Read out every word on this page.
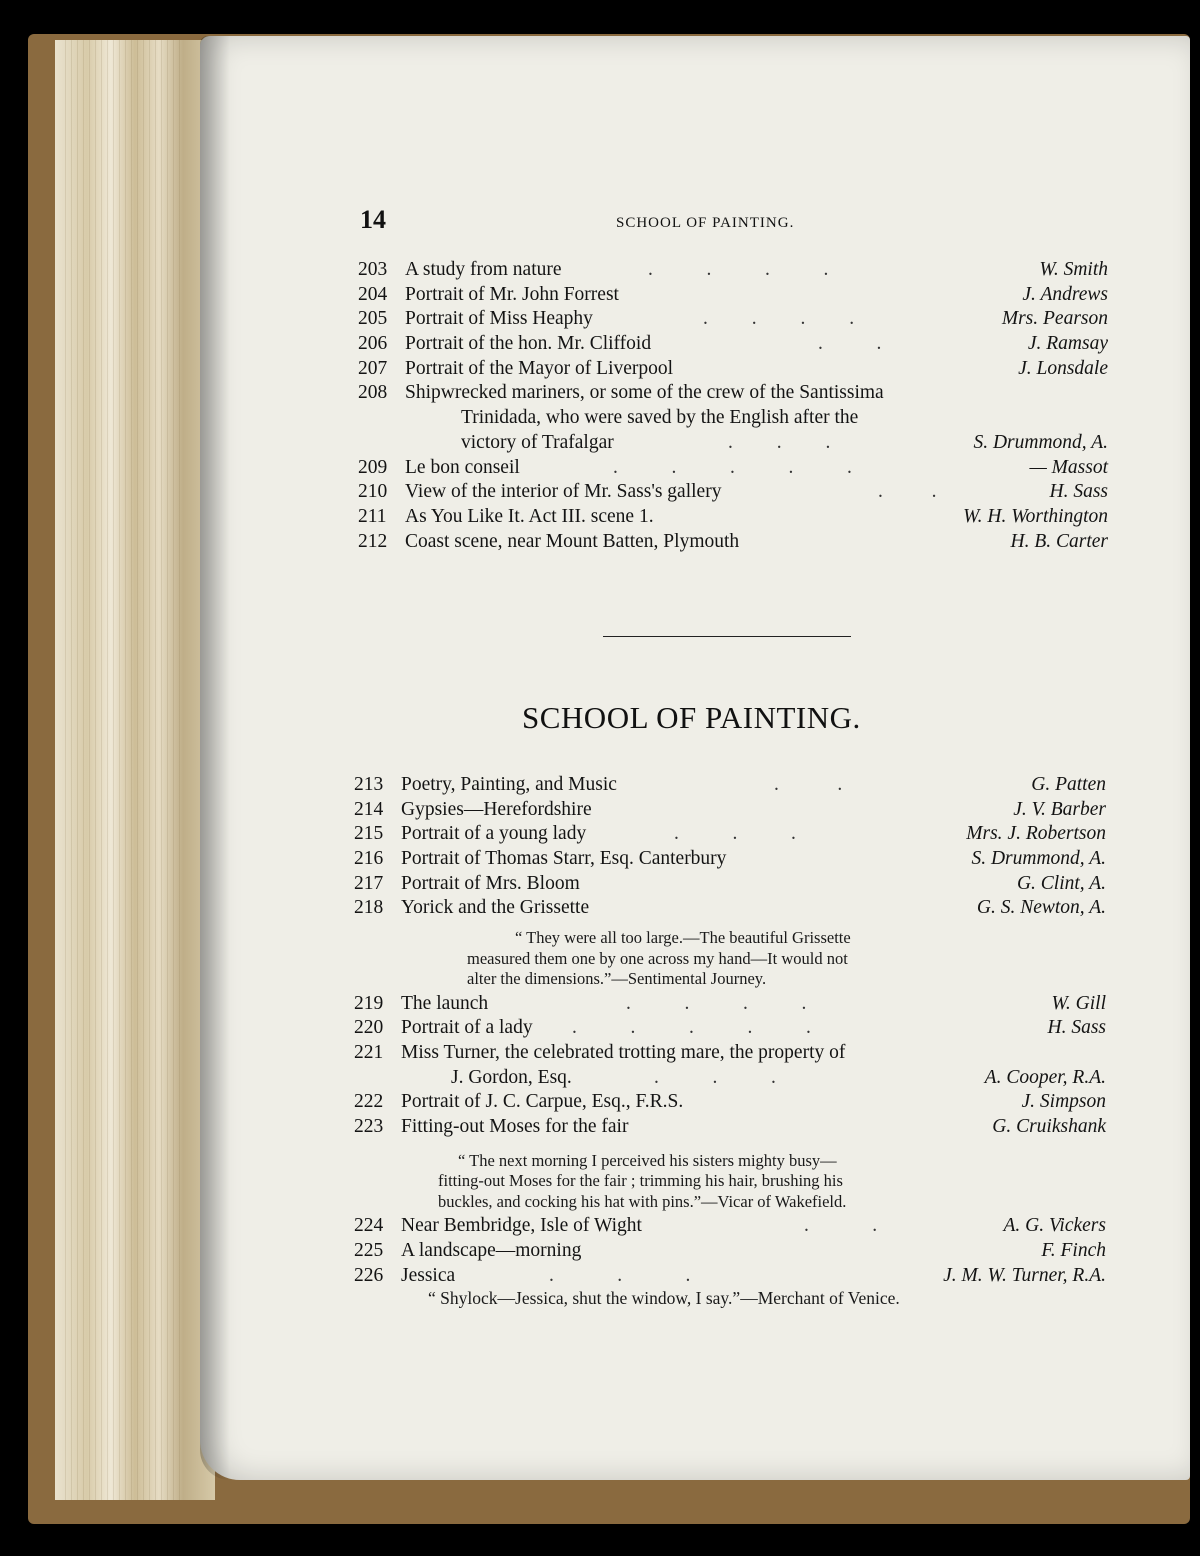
14	SCHOOL OF PAINTING.
203 A study from nature	.           .           .           .	W. Smith
204 Portrait of Mr. John Forrest	J. Andrews
205 Portrait of Miss Heaphy	.         .         .         .	Mrs. Pearson
206 Portrait of the hon. Mr. Cliffoid	.           .	J. Ramsay
207 Portrait of the Mayor of Liverpool	J. Lonsdale
208 Shipwrecked mariners, or some of the crew of the Santissima
Trinidada, who were saved by the English after the
victory of Trafalgar	.         .         .	S. Drummond, A.
209 Le bon conseil	.           .           .           .           .	— Massot
210 View of the interior of Mr. Sass's gallery	.          .	H. Sass
211 As You Like It. Act III. scene 1.	W. H. Worthington
212 Coast scene, near Mount Batten, Plymouth	H. B. Carter
SCHOOL OF PAINTING.
213 Poetry, Painting, and Music	.            .	G. Patten
214 Gypsies—Herefordshire	J. V. Barber
215 Portrait of a young lady	.           .           .	Mrs. J. Robertson
216 Portrait of Thomas Starr, Esq. Canterbury	S. Drummond, A.
217 Portrait of Mrs. Bloom	G. Clint, A.
218 Yorick and the Grissette	G. S. Newton, A.
“ They were all too large.—The beautiful Grissette
measured them one by one across my hand—It would not
alter the dimensions.”—Sentimental Journey.
219 The launch	.           .           .           .	W. Gill
220 Portrait of a lady .           .           .           .           .	H. Sass
221 Miss Turner, the celebrated trotting mare, the property of
J. Gordon, Esq.	.           .           .	A. Cooper, R.A.
222 Portrait of J. C. Carpue, Esq., F.R.S.	J. Simpson
223 Fitting-out Moses for the fair	G. Cruikshank
“ The next morning I perceived his sisters mighty busy—
fitting-out Moses for the fair ; trimming his hair, brushing his
buckles, and cocking his hat with pins.”—Vicar of Wakefield.
224 Near Bembridge, Isle of Wight	.             .	A. G. Vickers
225 A landscape—morning	F. Finch
226 Jessica	.             .             .	J. M. W. Turner, R.A.
“ Shylock—Jessica, shut the window, I say.”—Merchant of Venice.
